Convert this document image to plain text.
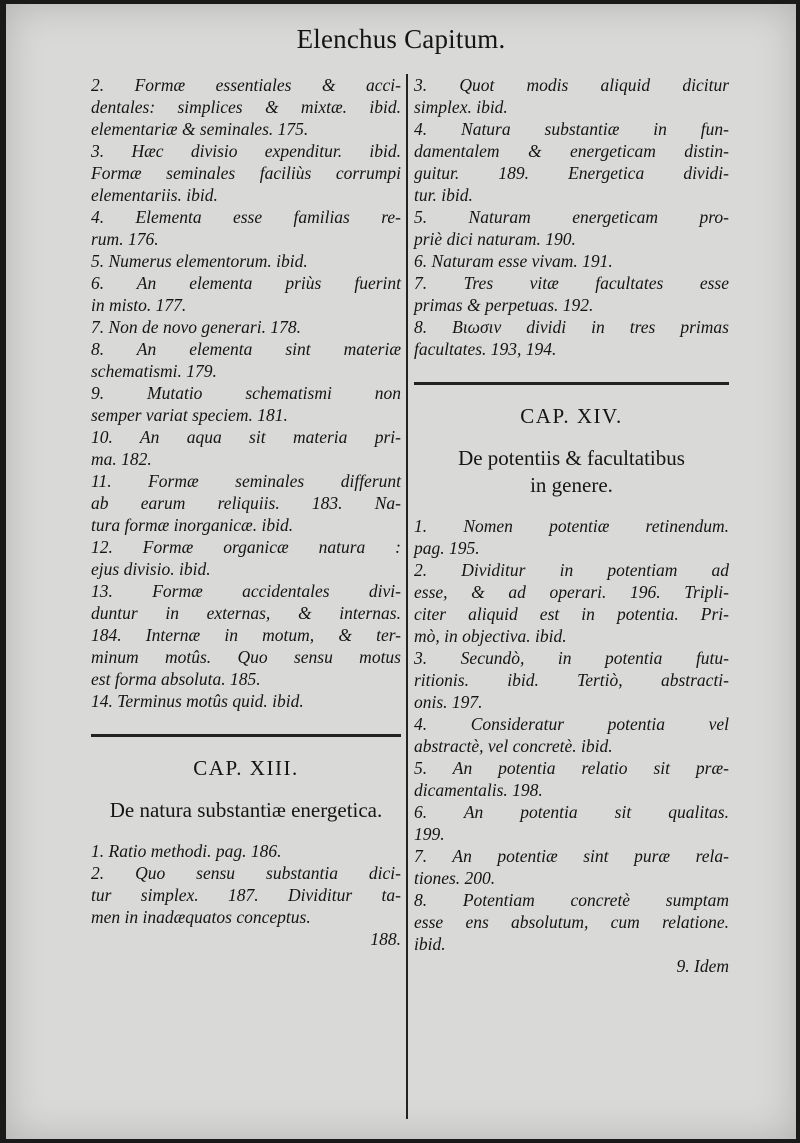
Elenchus Capitum.
2. Formæ essentiales & acci-
dentales: simplices & mixtæ. ibid.
elementariæ & seminales. 175.
3. Hæc divisio expenditur. ibid.
Formæ seminales faciliùs corrumpi
elementariis. ibid.
4. Elementa esse familias re-
rum. 176.
5. Numerus elementorum. ibid.
6. An elementa priùs fuerint
in misto. 177.
7. Non de novo generari. 178.
8. An elementa sint materiæ
schematismi. 179.
9. Mutatio schematismi non
semper variat speciem. 181.
10. An aqua sit materia pri-
ma. 182.
11. Formæ seminales differunt
ab earum reliquiis. 183. Na-
tura formæ inorganicæ. ibid.
12. Formæ organicæ natura :
ejus divisio. ibid.
13. Formæ accidentales divi-
duntur in externas, & internas.
184. Internæ in motum, & ter-
minum motûs. Quo sensu motus
est forma absoluta. 185.
14. Terminus motûs quid. ibid.
CAP. XIII.
De natura substantiæ energetica.
1. Ratio methodi. pag. 186.
2. Quo sensu substantia dici-
tur simplex. 187. Dividitur ta-
men in inadæquatos conceptus.
188.
3. Quot modis aliquid dicitur
simplex. ibid.
4. Natura substantiæ in fun-
damentalem & energeticam distin-
guitur. 189. Energetica dividi-
tur. ibid.
5. Naturam energeticam pro-
priè dici naturam. 190.
6. Naturam esse vivam. 191.
7. Tres vitæ facultates esse
primas & perpetuas. 192.
8. Βιωσιν dividi in tres primas
facultates. 193, 194.
CAP. XIV.
De potentiis & facultatibus
in genere.
1. Nomen potentiæ retinendum.
pag. 195.
2. Dividitur in potentiam ad
esse, & ad operari. 196. Tripli-
citer aliquid est in potentia. Pri-
mò, in objectiva. ibid.
3. Secundò, in potentia futu-
ritionis. ibid. Tertiò, abstracti-
onis. 197.
4. Consideratur potentia vel
abstractè, vel concretè. ibid.
5. An potentia relatio sit præ-
dicamentalis. 198.
6. An potentia sit qualitas.
199.
7. An potentiæ sint puræ rela-
tiones. 200.
8. Potentiam concretè sumptam
esse ens absolutum, cum relatione.
ibid.
9. Idem
